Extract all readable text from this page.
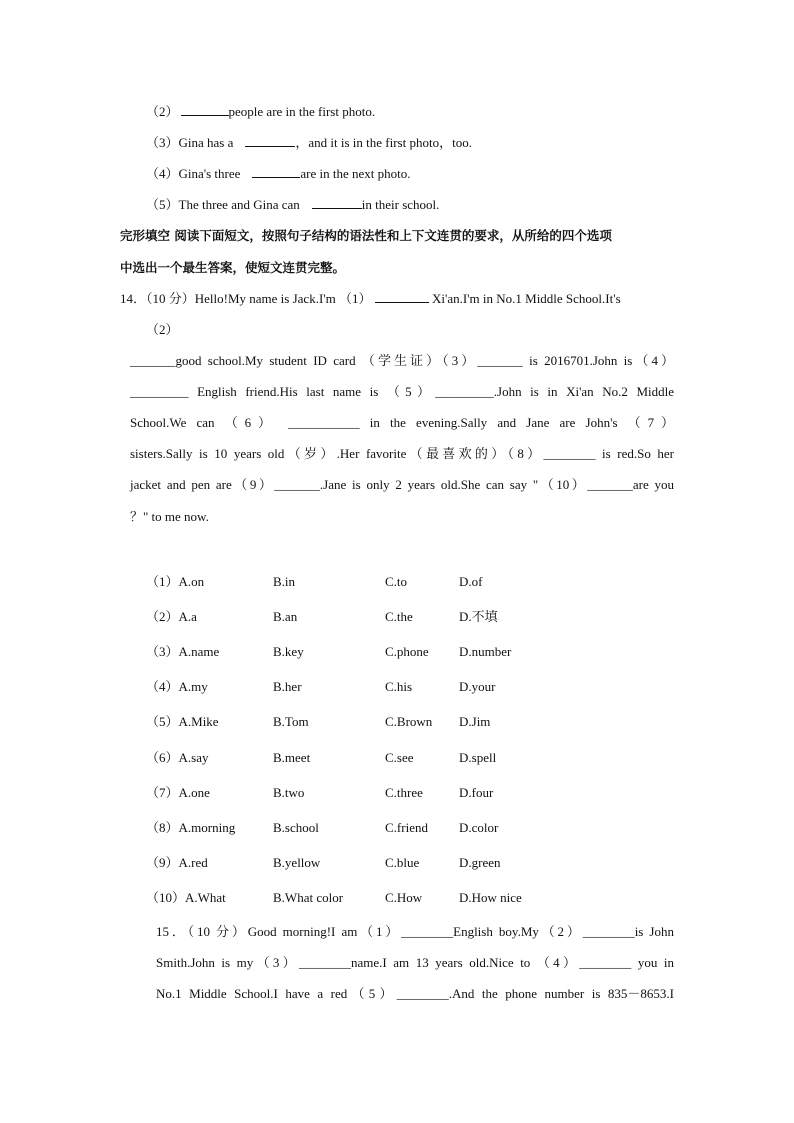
（2）	people are in the first photo.
（3）Gina has a	，and it is in the first photo，too.
（4）Gina's three	are in the next photo.
（5）The three and Gina can	in their school.
完形填空 阅读下面短文，按照句子结构的语法性和上下文连贯的要求，从所给的四个选项
中选出一个最生答案，使短文连贯完整。
14．（10 分）Hello!My name is Jack.I'm （1）	Xi'an.I'm in No.1 Middle School.It's
（2）
_______good school.My student ID card （学生证）（3）_______ is 2016701.John is（4）
_________ English friend.His last name is （5）_________.John is in Xi'an No.2 Middle
School.We can （6） ___________ in the evening.Sally and Jane are John's （7）
sisters.Sally is 10 years old（岁）.Her favorite（最喜欢的）（8）________ is red.So her
jacket and pen are（9）_______.Jane is only 2 years old.She can say "（10）_______are you
？" to me now.
（1）A.on	B.in	C.to	D.of
（2）A.a	B.an	C.the	D.不填
（3）A.name	B.key	C.phone D.number
（4）A.my	B.her	C.his	D.your
（5）A.Mike	B.Tom	C.Brown D.Jim
（6）A.say	B.meet	C.see	D.spell
（7）A.one	B.two	C.three	D.four
（8）A.morning	B.school	C.friend D.color
（9）A.red	B.yellow	C.blue	D.green
（10）A.What	B.What color	C.How	D.How nice
15．（10 分）Good morning!I am（1）________English boy.My（2）________is John
Smith.John is my（3）________name.I am 13 years old.Nice to （4）________ you in
No.1 Middle School.I have a red（5）________.And the phone number is 835－8653.I
